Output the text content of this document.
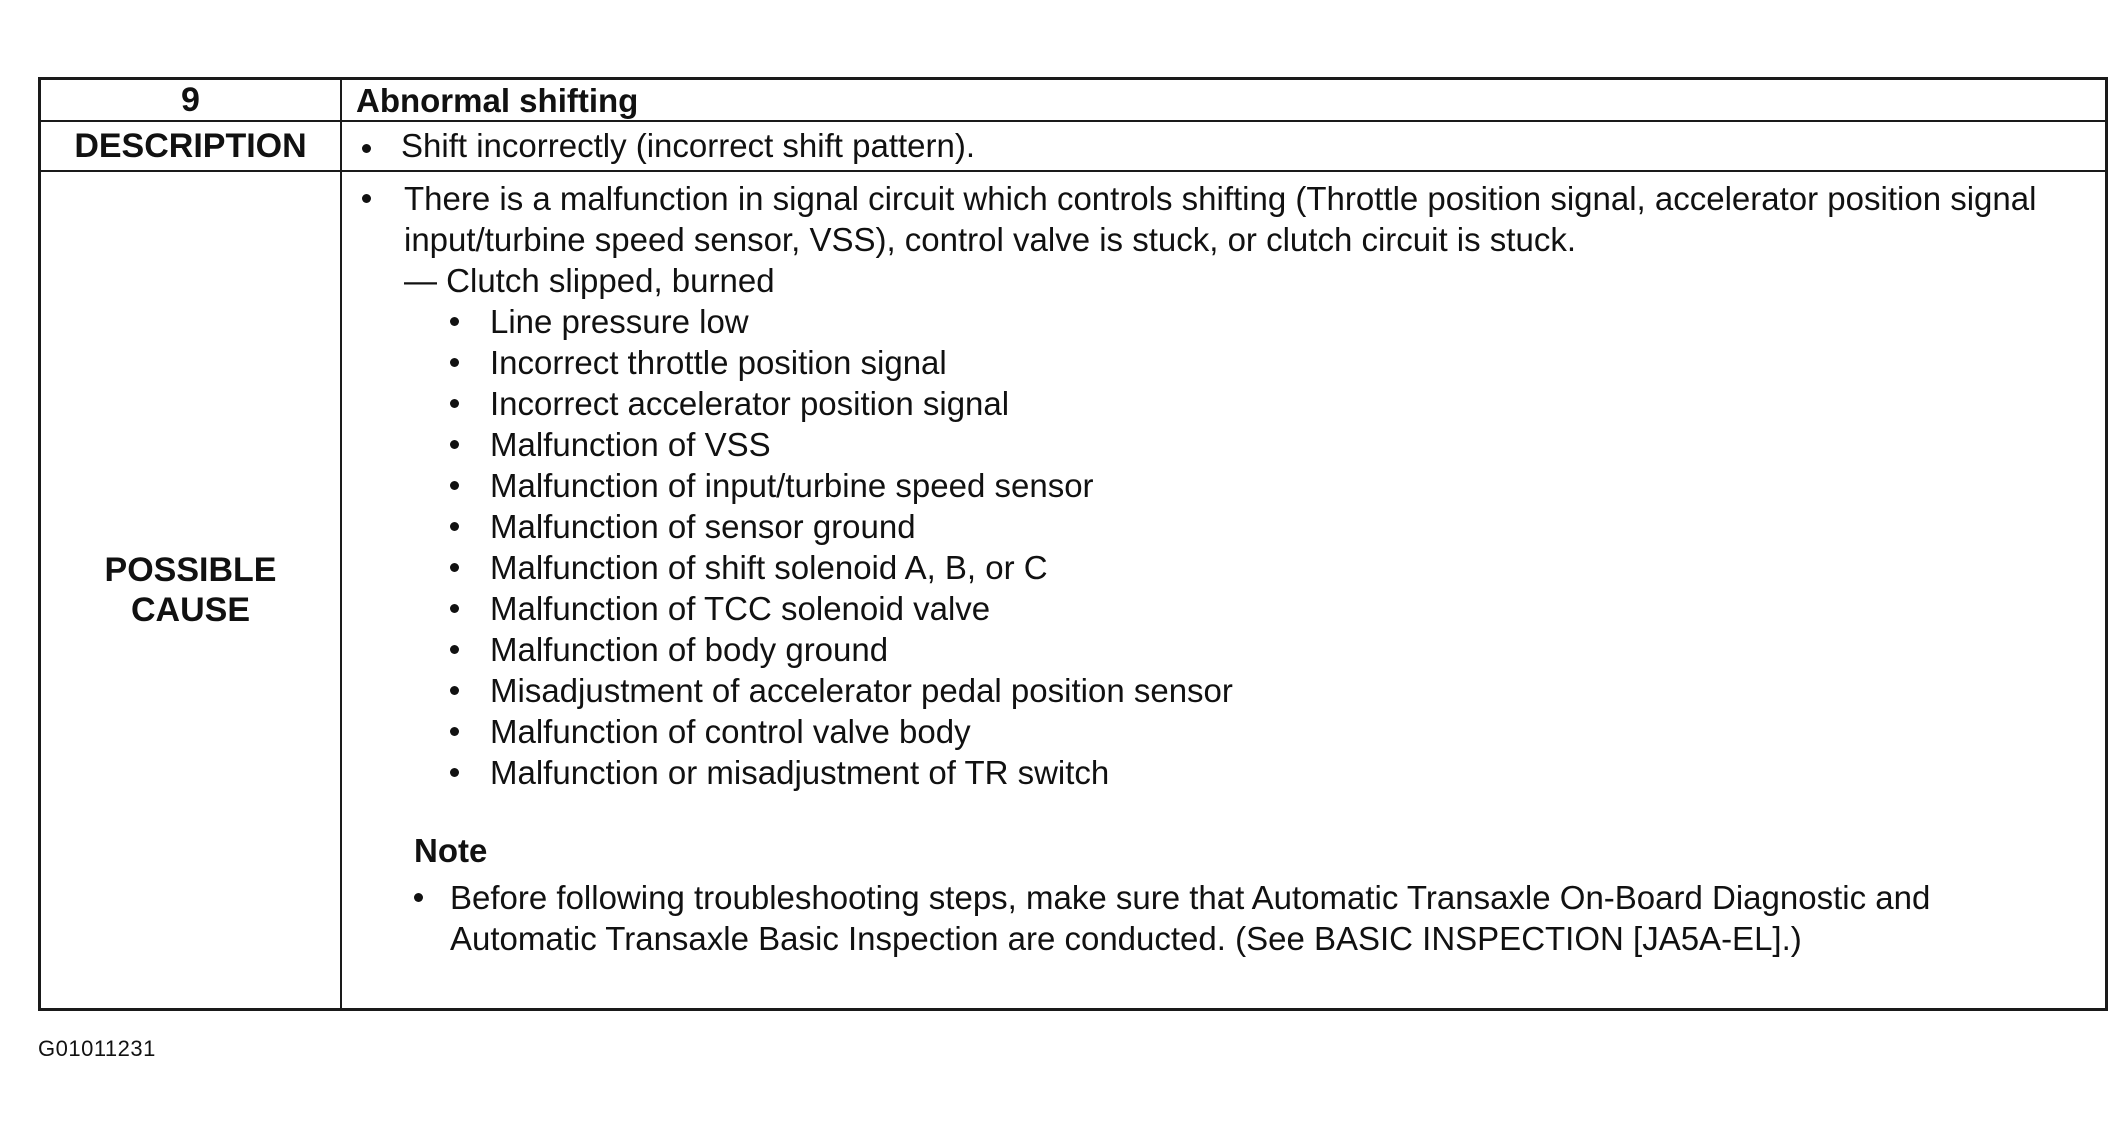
9	Abnormal shifting
DESCRIPTION	Shift incorrectly (incorrect shift pattern).
POSSIBLE
CAUSE
There is a malfunction in signal circuit which controls shifting (Throttle position signal, accelerator position signal input/turbine speed sensor, VSS), control valve is stuck, or clutch circuit is stuck.
— Clutch slipped, burned
Line pressure low
Incorrect throttle position signal
Incorrect accelerator position signal
Malfunction of VSS
Malfunction of input/turbine speed sensor
Malfunction of sensor ground
Malfunction of shift solenoid A, B, or C
Malfunction of TCC solenoid valve
Malfunction of body ground
Misadjustment of accelerator pedal position sensor
Malfunction of control valve body
Malfunction or misadjustment of TR switch
Note
Before following troubleshooting steps, make sure that Automatic Transaxle On-Board Diagnostic and Automatic Transaxle Basic Inspection are conducted. (See BASIC INSPECTION [JA5A-EL].)
G01011231
